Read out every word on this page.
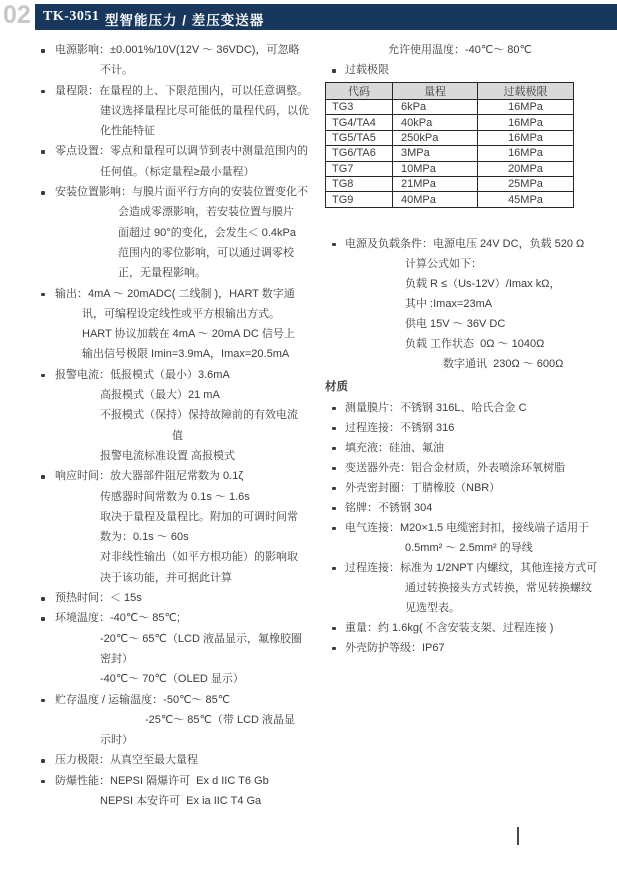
02 TK-3051 型智能压力 / 差压变送器
电源影响：±0.001%/10V(12V ～ 36VDC)，可忽略
不计。
量程限：在量程的上、下限范围内，可以任意调整。
建议选择量程比尽可能低的量程代码，以优
化性能特征
零点设置：零点和量程可以调节到表中测量范围内的
任何值。（标定量程≥最小量程）
安装位置影响：与膜片面平行方向的安装位置变化不
会造成零漂影响，若安装位置与膜片
面超过 90°的变化，会发生＜ 0.4kPa
范围内的零位影响，可以通过调零校
正，无量程影响。
输出：4mA ～ 20mADC( 二线制 )，HART 数字通
讯，可编程设定线性或平方根输出方式。
HART 协议加载在 4mA ～ 20mA DC 信号上
输出信号极限 Imin=3.9mA，Imax=20.5mA
报警电流：低报模式（最小）3.6mA
高报模式（最大）21 mA
不报模式（保持）保持故障前的有效电流
值
报警电流标准设置 高报模式
响应时间：放大器部件阻尼常数为 0.1ζ
传感器时间常数为 0.1s ～ 1.6s
取决于量程及量程比。附加的可调时间常
数为：0.1s ～ 60s
对非线性输出（如平方根功能）的影响取
决于该功能，并可据此计算
预热时间：＜ 15s
环境温度：-40℃～ 85℃;
-20℃～ 65℃（LCD 液晶显示，氟橡胶圈
密封）
-40℃～ 70℃（OLED 显示）
贮存温度 / 运输温度：-50℃～ 85℃
-25℃～ 85℃（带 LCD 液晶显
示时）
压力极限：从真空至最大量程
防爆性能：NEPSI 隔爆许可  Ex d IIC T6 Gb
NEPSI 本安许可  Ex ia IIC T4 Ga
允许使用温度：-40℃～ 80℃
过载极限
代码	量程	过载极限
TG3	6kPa	16MPa
TG4/TA4	40kPa	16MPa
TG5/TA5	250kPa	16MPa
TG6/TA6	3MPa	16MPa
TG7	10MPa	20MPa
TG8	21MPa	25MPa
TG9	40MPa	45MPa
电源及负载条件：电源电压 24V DC，负载 520 Ω
计算公式如下：
负载 R ≤（Us-12V）/Imax kΩ，
其中 :Imax=23mA
供电 15V ～ 36V DC
负载 工作状态  0Ω ～ 1040Ω
数字通讯  230Ω ～ 600Ω
材质
测量膜片：不锈钢 316L、哈氏合金 C
过程连接：不锈钢 316
填充液：硅油、氟油
变送器外壳：铝合金材质，外表喷涂环氧树脂
外壳密封圈：丁腈橡胶（NBR）
铭牌：不锈钢 304
电气连接：M20×1.5 电缆密封扣，接线端子适用于
0.5mm² ～ 2.5mm² 的导线
过程连接：标准为 1/2NPT 内螺纹，其他连接方式可
通过转换接头方式转换，常见转换螺纹
见选型表。
重量：约 1.6kg( 不含安装支架、过程连接 )
外壳防护等级：IP67
